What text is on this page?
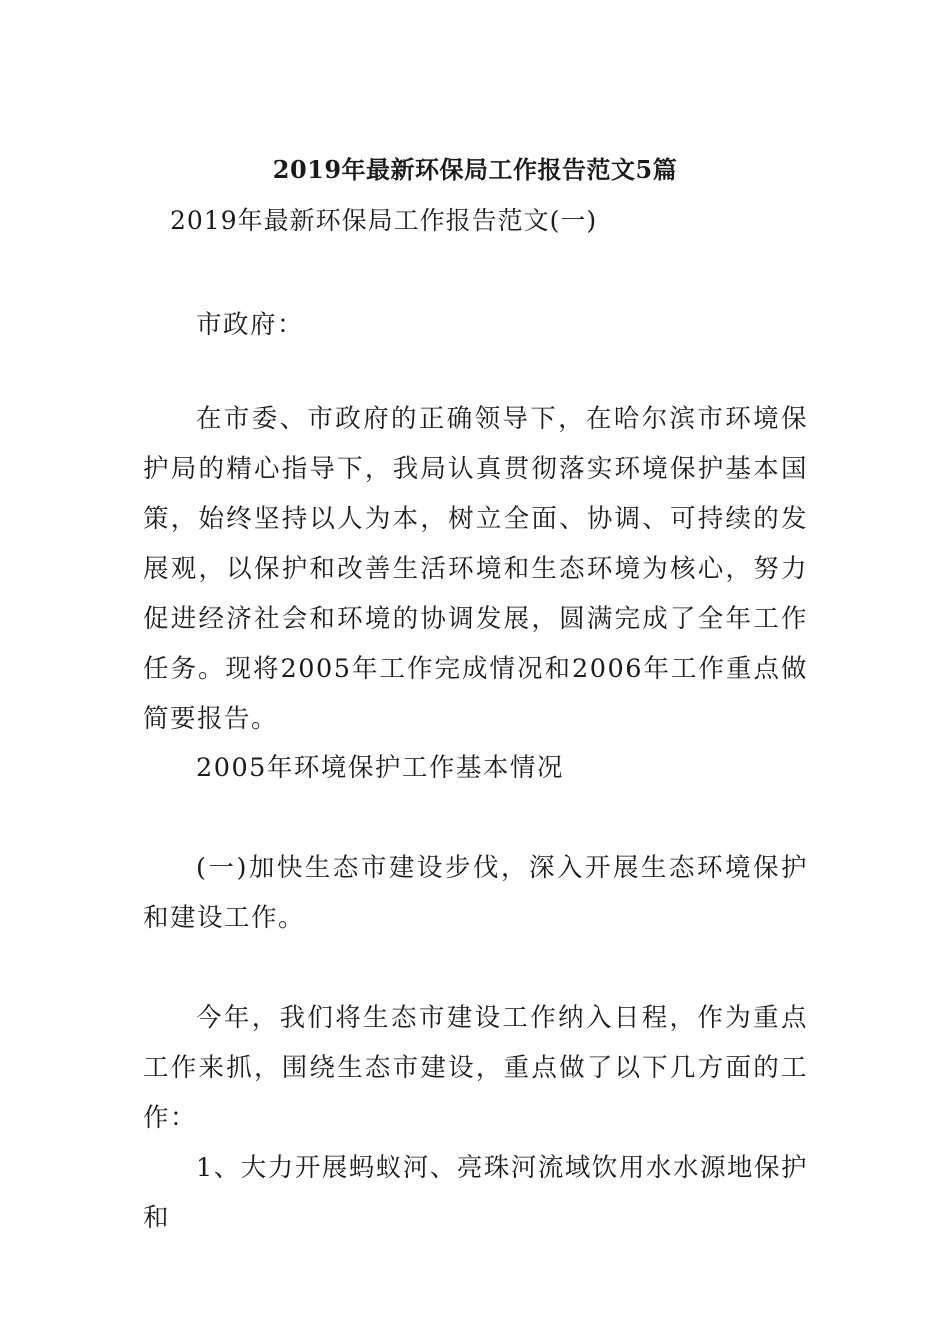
2019年最新环保局工作报告范文5篇
2019年最新环保局工作报告范文(一)

市政府：

在市委、市政府的正确领导下，在哈尔滨市环境保护局的精心指导下，我局认真贯彻落实环境保护基本国策，始终坚持以人为本，树立全面、协调、可持续的发展观，以保护和改善生活环境和生态环境为核心，努力促进经济社会和环境的协调发展，圆满完成了全年工作任务。现将2005年工作完成情况和2006年工作重点做简要报告。

2005年环境保护工作基本情况

(一)加快生态市建设步伐，深入开展生态环境保护和建设工作。

今年，我们将生态市建设工作纳入日程，作为重点工作来抓，围绕生态市建设，重点做了以下几方面的工作：

1、大力开展蚂蚁河、亮珠河流域饮用水水源地保护和
